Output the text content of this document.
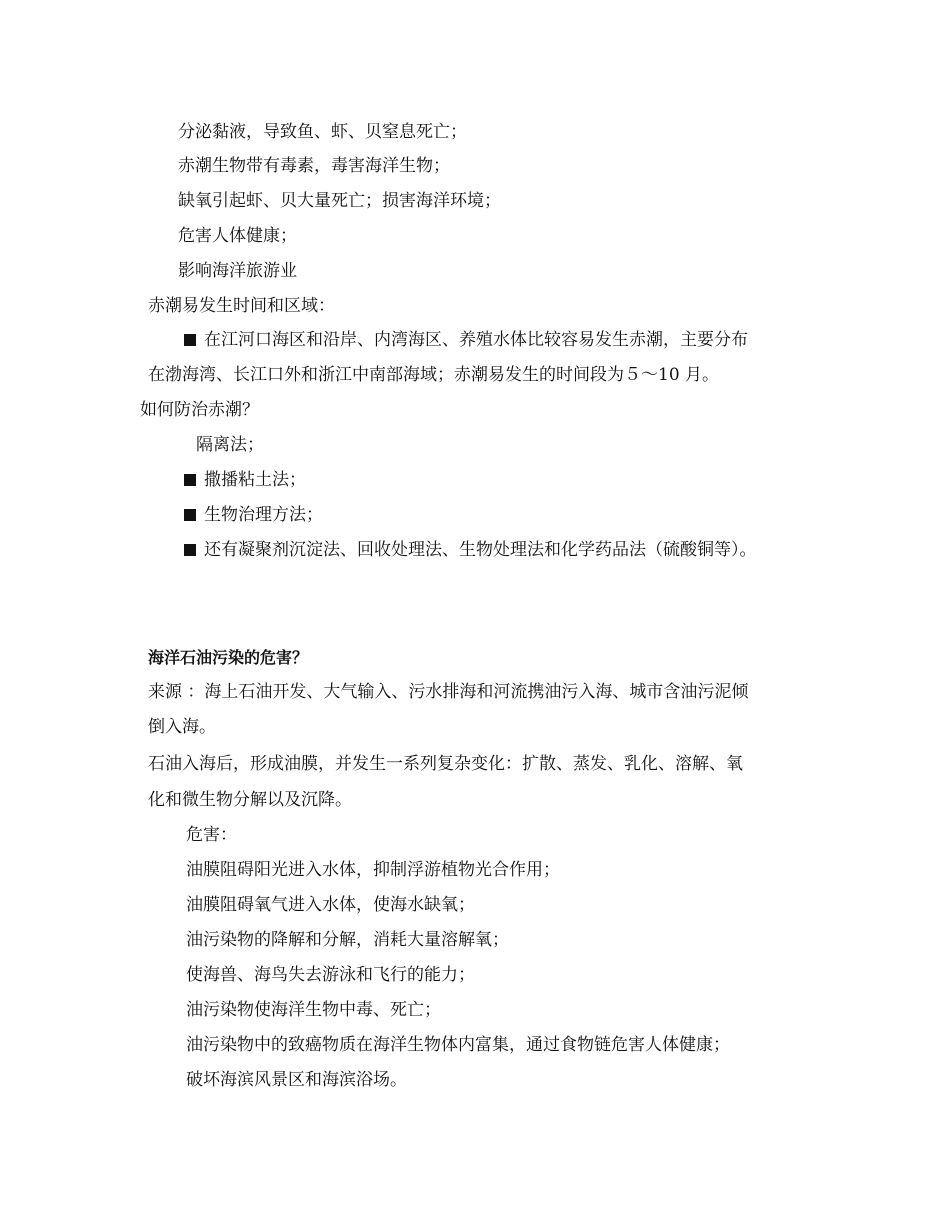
分泌黏液，导致鱼、虾、贝窒息死亡；
赤潮生物带有毒素，毒害海洋生物；
缺氧引起虾、贝大量死亡；损害海洋环境；
危害人体健康；
影响海洋旅游业
赤潮易发生时间和区域：
在江河口海区和沿岸、内湾海区、养殖水体比较容易发生赤潮，主要分布
在渤海湾、长江口外和浙江中南部海域；赤潮易发生的时间段为５～10 月。
如何防治赤潮？
隔离法；
撒播粘土法；
生物治理方法；
还有凝聚剂沉淀法、回收处理法、生物处理法和化学药品法（硫酸铜等）。
海洋石油污染的危害？
来源 ：海上石油开发、大气输入、污水排海和河流携油污入海、城市含油污泥倾
倒入海。
石油入海后，形成油膜，并发生一系列复杂变化：扩散、蒸发、乳化、溶解、氧
化和微生物分解以及沉降。
危害：
油膜阻碍阳光进入水体，抑制浮游植物光合作用；
油膜阻碍氧气进入水体，使海水缺氧；
油污染物的降解和分解，消耗大量溶解氧；
使海兽、海鸟失去游泳和飞行的能力；
油污染物使海洋生物中毒、死亡；
油污染物中的致癌物质在海洋生物体内富集，通过食物链危害人体健康；
破坏海滨风景区和海滨浴场。
